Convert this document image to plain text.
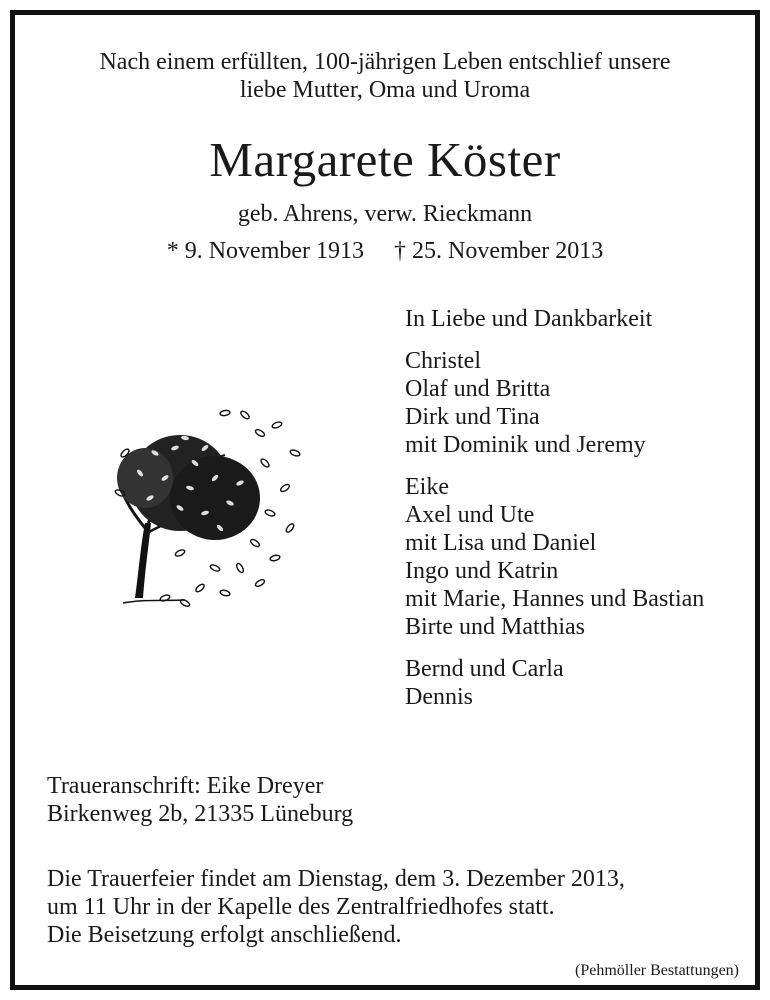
Nach einem erfüllten, 100-jährigen Leben entschlief unsere
liebe Mutter, Oma und Uroma
Margarete Köster
geb. Ahrens, verw. Rieckmann
* 9. November 1913 † 25. November 2013
In Liebe und Dankbarkeit
Christel
Olaf und Britta
Dirk und Tina
mit Dominik und Jeremy
Eike
Axel und Ute
mit Lisa und Daniel
Ingo und Katrin
mit Marie, Hannes und Bastian
Birte und Matthias
Bernd und Carla
Dennis
Traueranschrift: Eike Dreyer
Birkenweg 2b, 21335 Lüneburg
Die Trauerfeier findet am Dienstag, dem 3. Dezember 2013,
um 11 Uhr in der Kapelle des Zentralfriedhofes statt.
Die Beisetzung erfolgt anschließend.
(Pehmöller Bestattungen)
